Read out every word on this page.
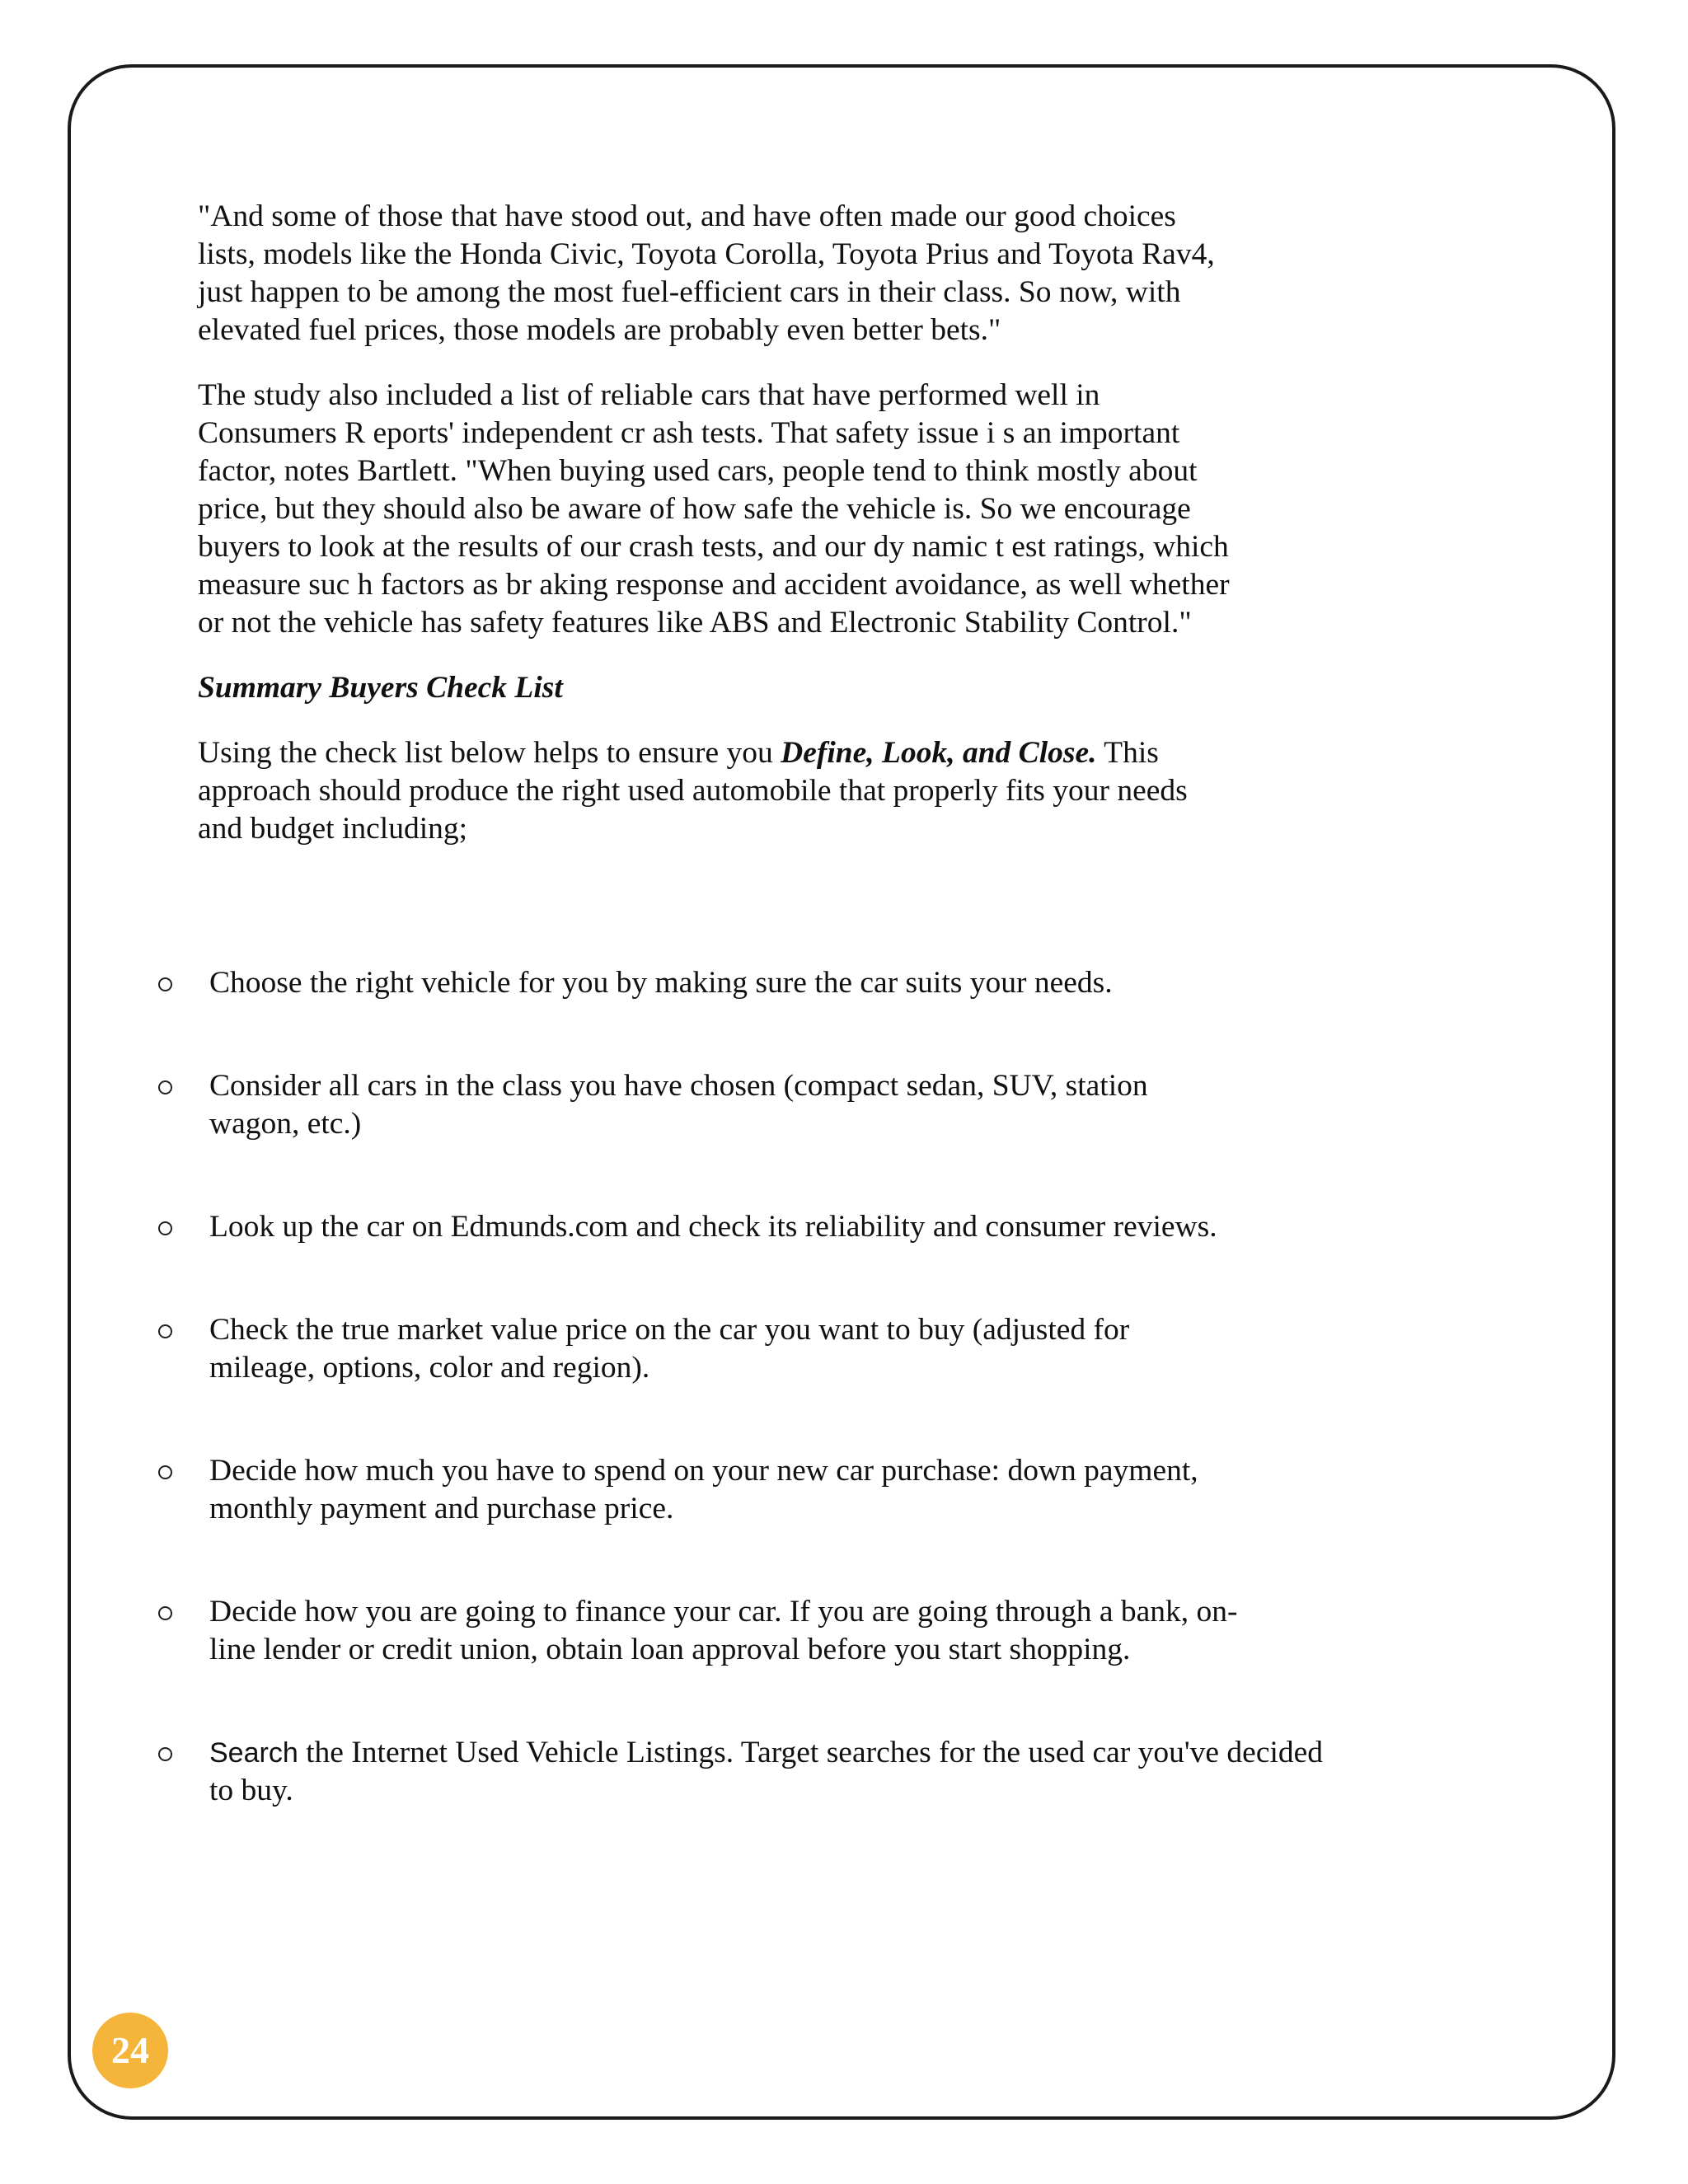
"And some of those that have stood out, and have often made our good choices lists, models like the Honda Civic, Toyota Corolla, Toyota Prius and Toyota Rav4, just happen to be among the most fuel-efficient cars in their class. So now, with elevated fuel prices, those models are probably even better bets."

The study also included a list of reliable cars that have performed well in Consumers R eports' independent cr ash tests. That safety issue i s an important factor, notes Bartlett. "When buying used cars, people tend to think mostly about price, but they should also be aware of how safe the vehicle is. So we encourage buyers to look at the results of our crash tests, and our dy namic t est ratings, which measure suc h factors as br aking response and accident avoidance, as well whether or not the vehicle has safety features like ABS and Electronic Stability Control."

Summary Buyers Check List

Using the check list below helps to ensure you Define, Look, and Close. This approach should produce the right used automobile that properly fits your needs and budget including;

Choose the right vehicle for you by making sure the car suits your needs.
Consider all cars in the class you have chosen (compact sedan, SUV, station wagon, etc.)
Look up the car on Edmunds.com and check its reliability and consumer reviews.
Check the true market value price on the car you want to buy (adjusted for mileage, options, color and region).
Decide how much you have to spend on your new car purchase: down payment, monthly payment and purchase price.
Decide how you are going to finance your car. If you are going through a bank, on-line lender or credit union, obtain loan approval before you start shopping.
Search the Internet Used Vehicle Listings. Target searches for the used car you've decided to buy.
24
